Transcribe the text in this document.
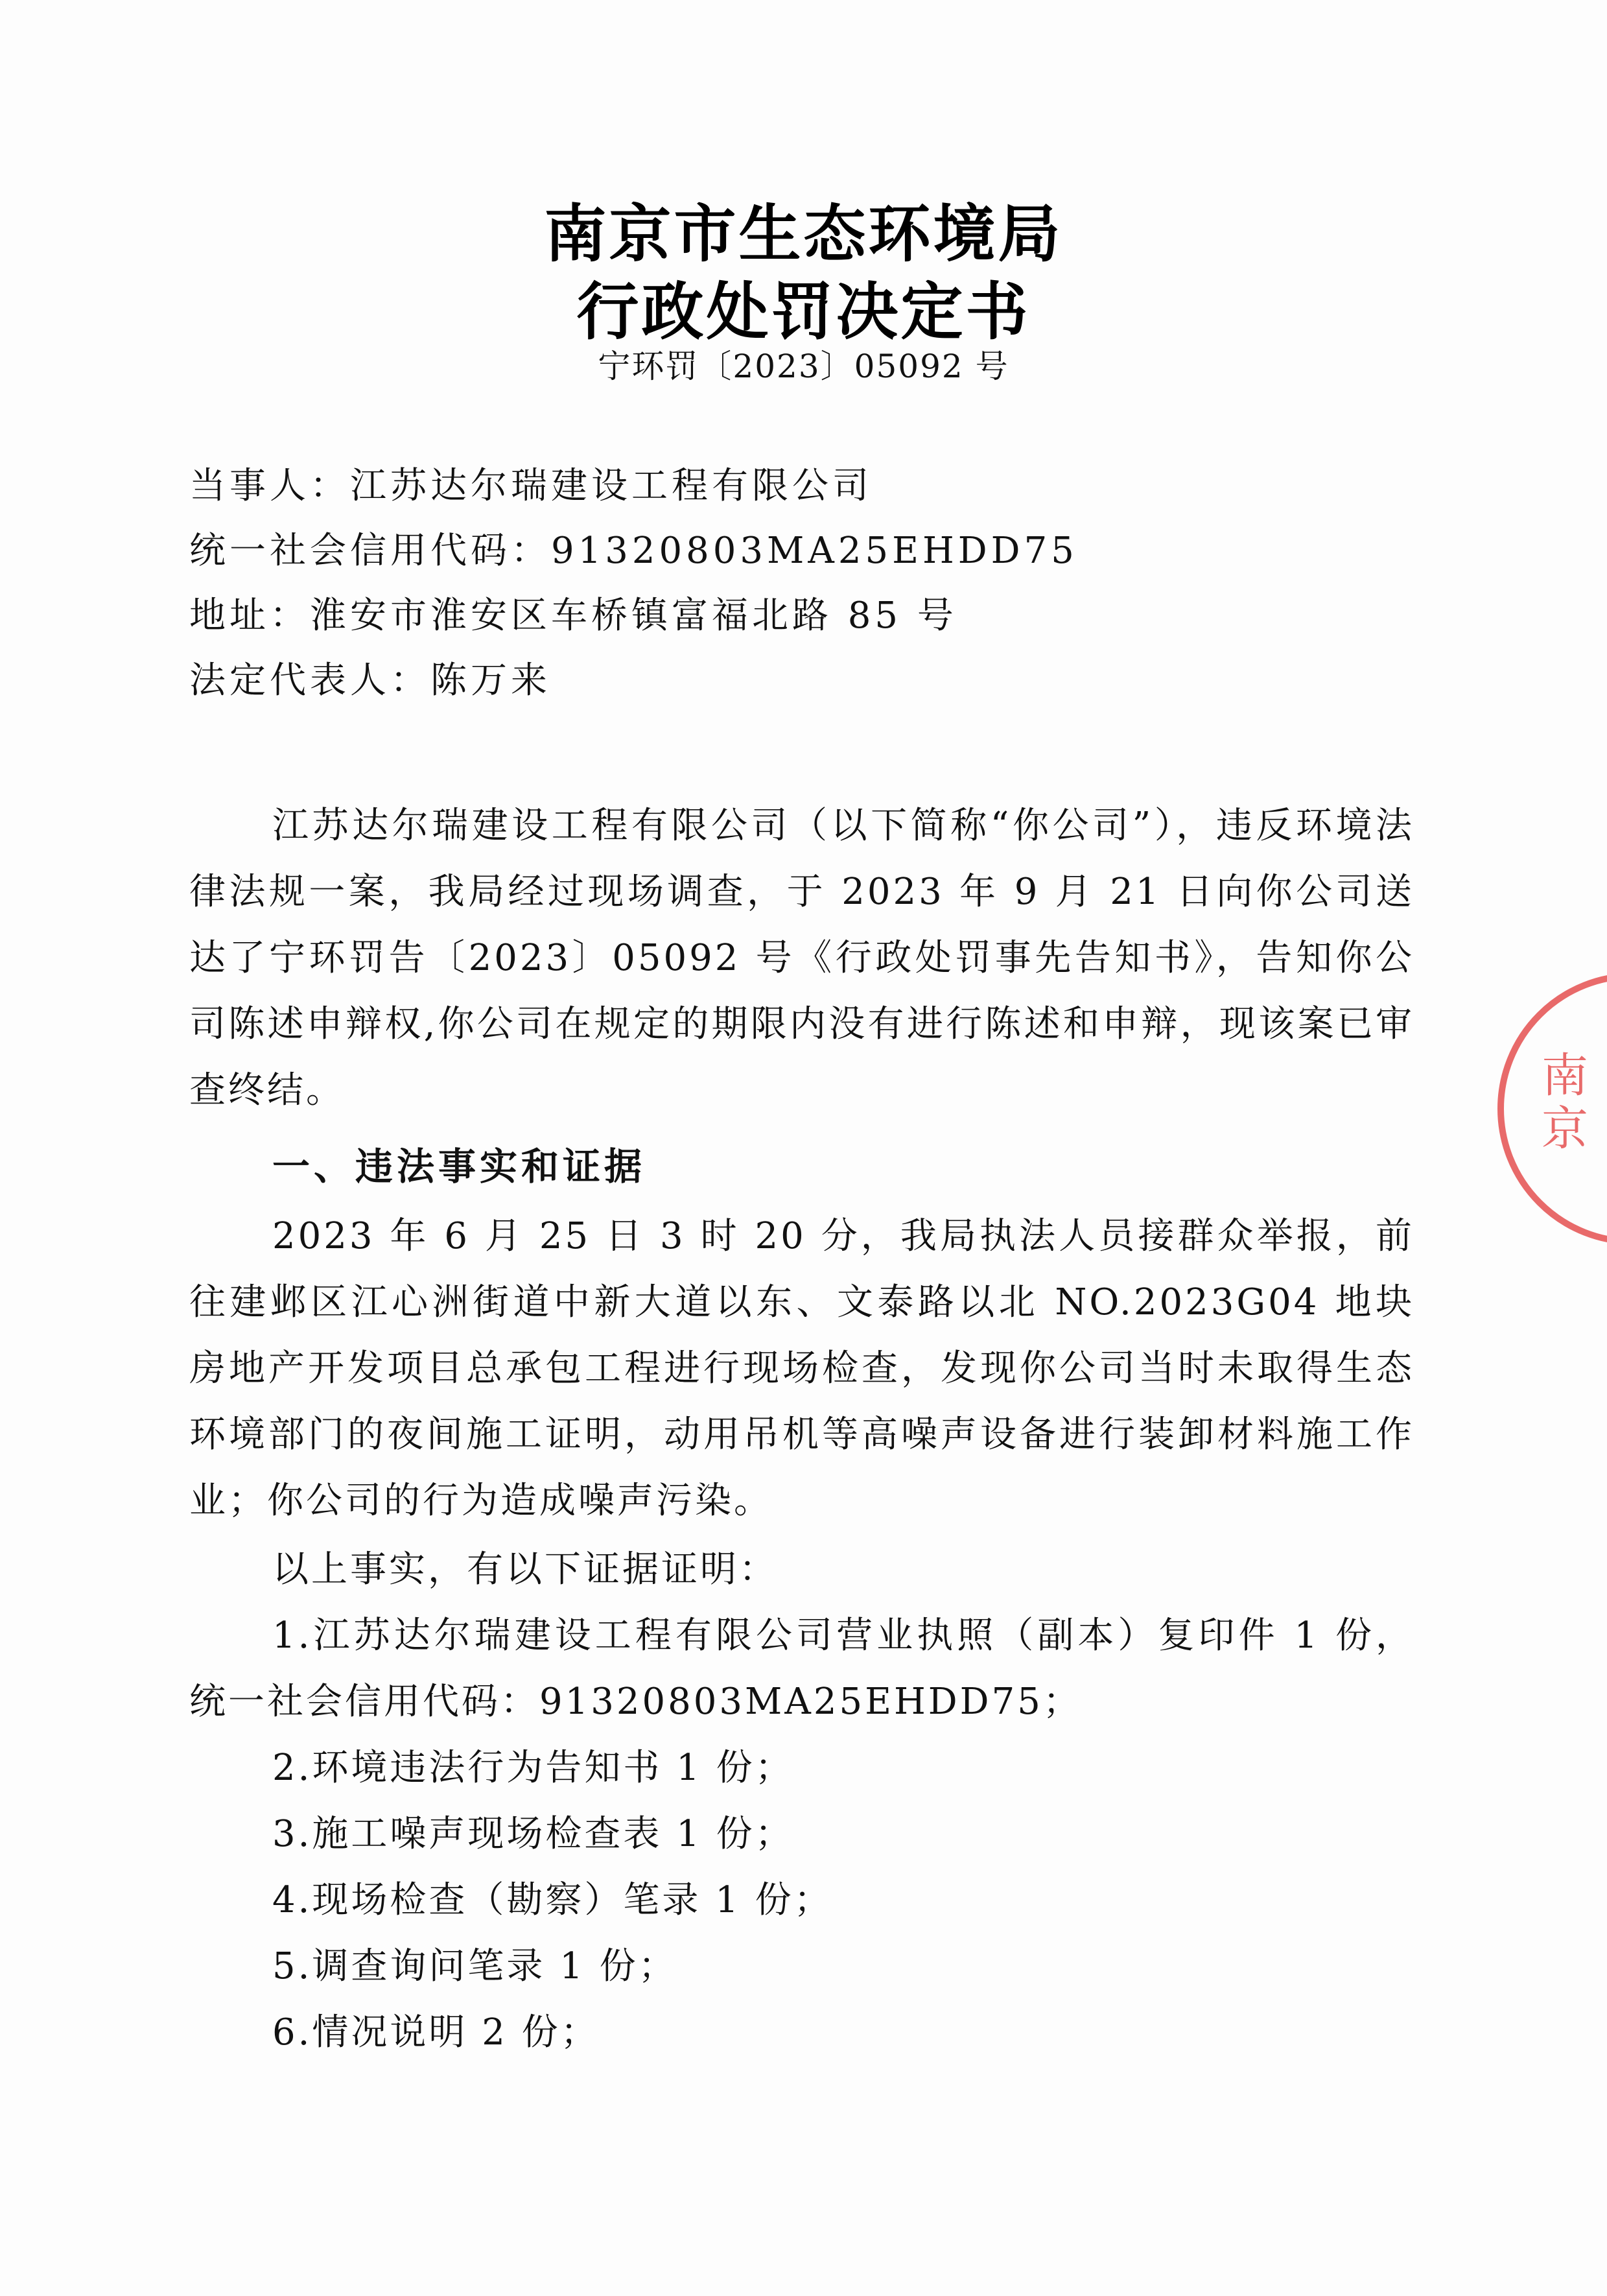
南京市生态环境局
行政处罚决定书
宁环罚〔2023〕05092 号
当事人：江苏达尔瑞建设工程有限公司
统一社会信用代码：91320803MA25EHDD75
地址：淮安市淮安区车桥镇富福北路 85 号
法定代表人：陈万来
江苏达尔瑞建设工程有限公司（以下简称“你公司”），违反环境法律法规一案，我局经过现场调查，于 2023 年 9 月 21 日向你公司送达了宁环罚告〔2023〕05092 号《行政处罚事先告知书》，告知你公司陈述申辩权,你公司在规定的期限内没有进行陈述和申辩，现该案已审查终结。
一、违法事实和证据
2023 年 6 月 25 日 3 时 20 分，我局执法人员接群众举报，前往建邺区江心洲街道中新大道以东、文泰路以北 NO.2023G04 地块房地产开发项目总承包工程进行现场检查，发现你公司当时未取得生态环境部门的夜间施工证明，动用吊机等高噪声设备进行装卸材料施工作业；你公司的行为造成噪声污染。
以上事实，有以下证据证明：
1.江苏达尔瑞建设工程有限公司营业执照（副本）复印件 1 份，统一社会信用代码：91320803MA25EHDD75；
2.环境违法行为告知书 1 份；
3.施工噪声现场检查表 1 份；
4.现场检查（勘察）笔录 1 份；
5.调查询问笔录 1 份；
6.情况说明 2 份；
南京
